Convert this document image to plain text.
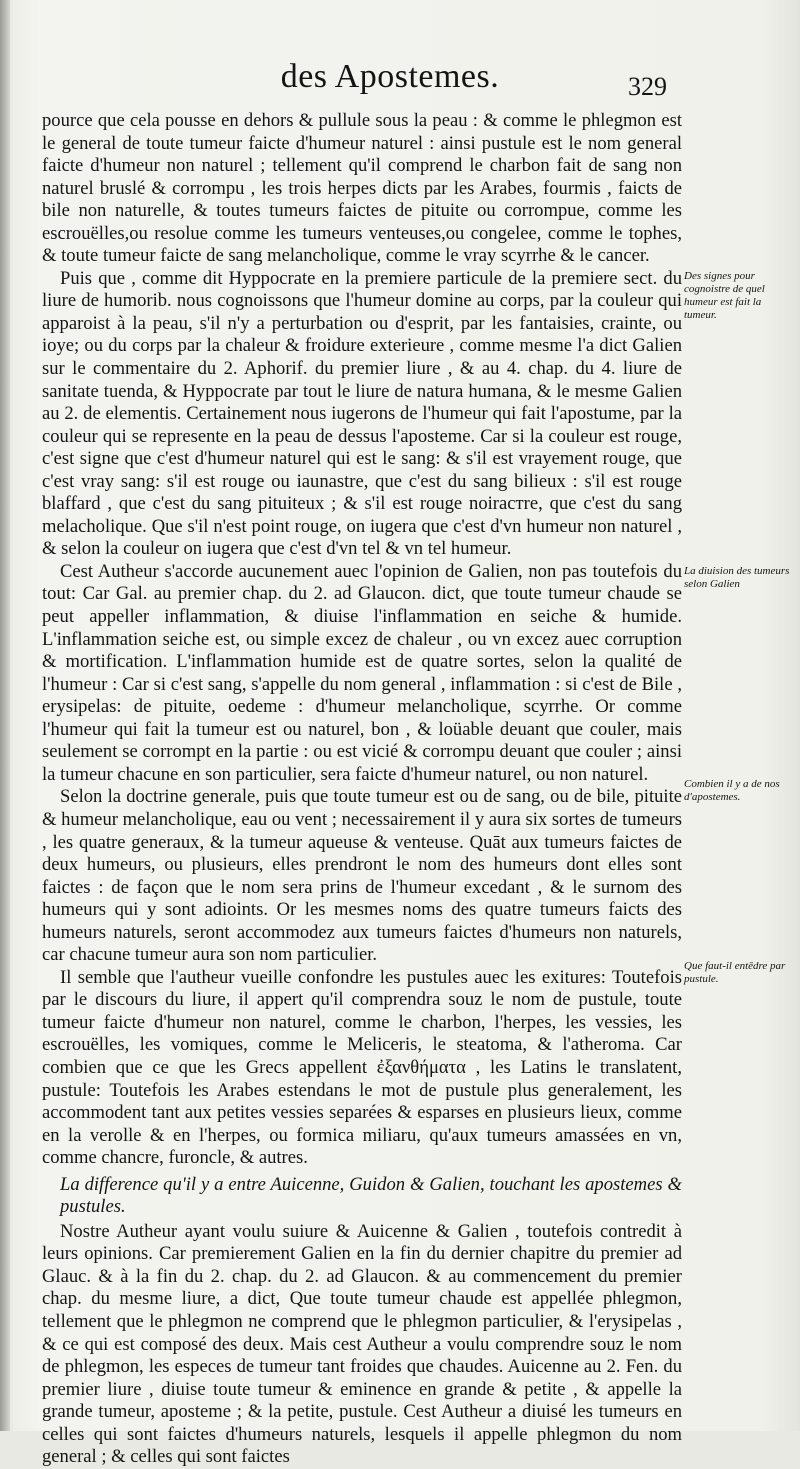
des Apostemes.	329

pource que cela pousse en dehors & pullule sous la peau : & comme le phlegmon est le general de toute tumeur faicte d'humeur naturel : ainsi pustule est le nom general faicte d'humeur non naturel ; tellement qu'il comprend le charbon fait de sang non naturel bruslé & corrompu , les trois herpes dicts par les Arabes, fourmis , faicts de bile non naturelle, & toutes tumeurs faictes de pituite ou corrompue, comme les escrouëlles,ou resolue comme les tumeurs venteuses,ou congelee, comme le tophes, & toute tumeur faicte de sang melancholique, comme le vray scyrrhe & le cancer.

Puis que , comme dit Hyppocrate en la premiere particule de la premiere sect. du liure de humorib. nous cognoissons que l'humeur domine au corps, par la couleur qui apparoist à la peau, s'il n'y a perturbation ou d'esprit, par les fantaisies, crainte, ou ioye; ou du corps par la chaleur & froidure exterieure , comme mesme l'a dict Galien sur le commentaire du 2. Aphorif. du premier liure , & au 4. chap. du 4. liure de sanitate tuenda, & Hyppocrate par tout le liure de natura humana, & le mesme Galien au 2. de elementis. Certainement nous iugerons de l'humeur qui fait l'apostume, par la couleur qui se represente en la peau de dessus l'aposteme. Car si la couleur est rouge, c'est signe que c'est d'humeur naturel qui est le sang: & s'il est vrayement rouge, que c'est vray sang: s'il est rouge ou iaunastre, que c'est du sang bilieux : s'il est rouge blaffard , que c'est du sang pituiteux ; & s'il est rouge noiraстre, que c'est du sang melacholique. Que s'il n'est point rouge, on iugera que c'est d'vn humeur non naturel , & selon la couleur on iugera que c'est d'vn tel & vn tel humeur.

Cest Autheur s'accorde aucunement auec l'opinion de Galien, non pas toutefois du tout: Car Gal. au premier chap. du 2. ad Glaucon. dict, que toute tumeur chaude se peut appeller inflammation, & diuise l'inflammation en seiche & humide. L'inflammation seiche est, ou simple excez de chaleur , ou vn excez auec corruption & mortification. L'inflammation humide est de quatre sortes, selon la qualité de l'humeur : Car si c'est sang, s'appelle du nom general , inflammation : si c'est de Bile , erysipelas: de pituite, oedeme : d'humeur melancholique, scyrrhe. Or comme l'humeur qui fait la tumeur est ou naturel, bon , & loüable deuant que couler, mais seulement se corrompt en la partie : ou est vicié & corrompu deuant que couler ; ainsi la tumeur chacune en son particulier, sera faicte d'humeur naturel, ou non naturel.

Selon la doctrine generale, puis que toute tumeur est ou de sang, ou de bile, pituite & humeur melancholique, eau ou vent ; necessairement il y aura six sortes de tumeurs , les quatre generaux, & la tumeur aqueuse & venteuse. Quāt aux tumeurs faictes de deux humeurs, ou plusieurs, elles prendront le nom des humeurs dont elles sont faictes : de façon que le nom sera prins de l'humeur excedant , & le surnom des humeurs qui y sont adioints. Or les mesmes noms des quatre tumeurs faicts des humeurs naturels, seront accommodez aux tumeurs faictes d'humeurs non naturels, car chacune tumeur aura son nom particulier.

Il semble que l'autheur vueille confondre les pustules auec les exitures: Toutefois par le discours du liure, il appert qu'il comprendra souz le nom de pustule, toute tumeur faicte d'humeur non naturel, comme le charbon, l'herpes, les vessies, les escrouëlles, les vomiques, comme le Meliceris, le steatoma, & l'atheroma. Car combien que ce que les Grecs appellent ἐξανθήματα , les Latins le translatent, pustule: Toutefois les Arabes estendans le mot de pustule plus generalement, les accommodent tant aux petites vessies separées & esparses en plusieurs lieux, comme en la verolle & en l'herpes, ou formica miliaru, qu'aux tumeurs amassées en vn, comme chancre, furoncle, & autres.

La difference qu'il y a entre Auicenne, Guidon & Galien, touchant les apostemes & pustules.

Nostre Autheur ayant voulu suiure & Auicenne & Galien , toutefois contredit à leurs opinions. Car premierement Galien en la fin du dernier chapitre du premier ad Glauc. & à la fin du 2. chap. du 2. ad Glaucon. & au commencement du premier chap. du mesme liure, a dict, Que toute tumeur chaude est appellée phlegmon, tellement que le phlegmon ne comprend que le phlegmon particulier, & l'erysipelas , & ce qui est composé des deux. Mais cest Autheur a voulu comprendre souz le nom de phlegmon, les especes de tumeur tant froides que chaudes. Auicenne au 2. Fen. du premier liure , diuise toute tumeur & eminence en grande & petite , & appelle la grande tumeur, aposteme ; & la petite, pustule. Cest Autheur a diuisé les tumeurs en celles qui sont faictes d'humeurs naturels, lesquels il appelle phlegmon du nom general ; & celles qui sont faictes

Des signes pour cognoistre de quel humeur est fait la tumeur.
La diuision des tumeurs selon Galien
Combien il y a de nos d'apostemes.
Que faut-il entēdre par pustule.
